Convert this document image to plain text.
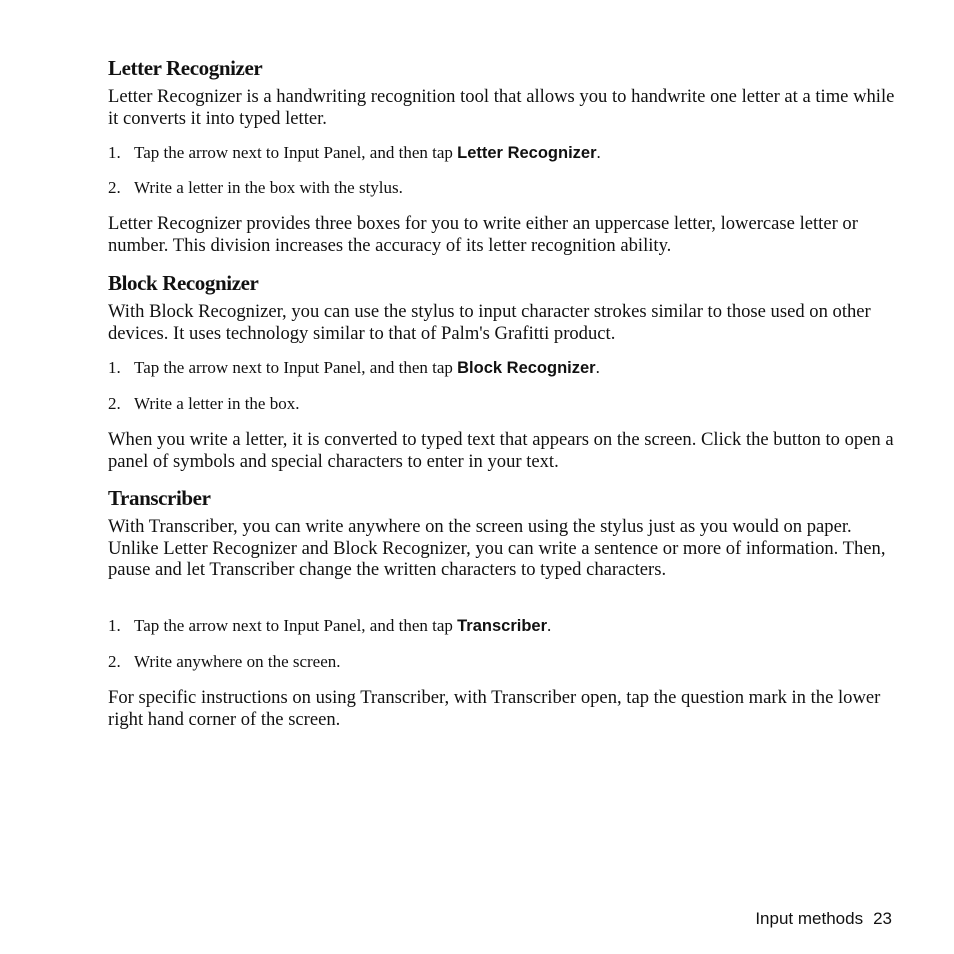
Letter Recognizer

Letter Recognizer is a handwriting recognition tool that allows you to handwrite one letter at a time while it converts it into typed letter.

1. Tap the arrow next to Input Panel, and then tap Letter Recognizer.

2. Write a letter in the box with the stylus.

Letter Recognizer provides three boxes for you to write either an uppercase letter, lowercase letter or number. This division increases the accuracy of its letter recognition ability.

Block Recognizer

With Block Recognizer, you can use the stylus to input character strokes similar to those used on other devices. It uses technology similar to that of Palm's Grafitti product.

1. Tap the arrow next to Input Panel, and then tap Block Recognizer.

2. Write a letter in the box.

When you write a letter, it is converted to typed text that appears on the screen. Click the button to open a panel of symbols and special characters to enter in your text.

Transcriber

With Transcriber, you can write anywhere on the screen using the stylus just as you would on paper. Unlike Letter Recognizer and Block Recognizer, you can write a sentence or more of information. Then, pause and let Transcriber change the written characters to typed characters.

1. Tap the arrow next to Input Panel, and then tap Transcriber.

2. Write anywhere on the screen.

For specific instructions on using Transcriber, with Transcriber open, tap the question mark in the lower right hand corner of the screen.

Input methods 23
